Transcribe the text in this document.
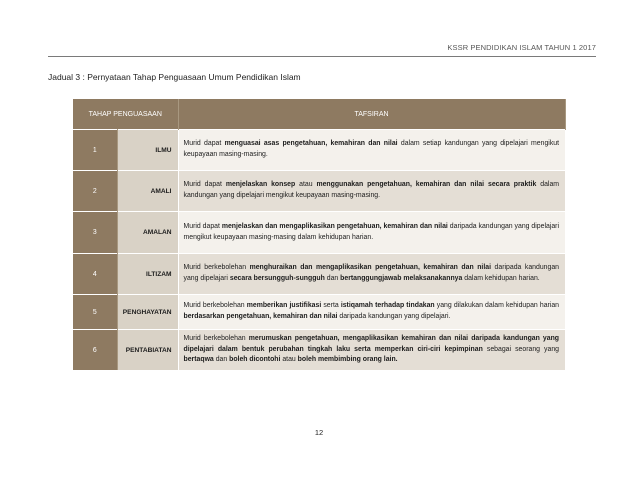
KSSR PENDIDIKAN ISLAM TAHUN 1 2017
Jadual 3 : Pernyataan Tahap Penguasaan Umum Pendidikan Islam
TAHAP PENGUASAAN		TAFSIRAN
1	ILMU	Murid dapat menguasai asas pengetahuan, kemahiran dan nilai dalam setiap kandungan yang dipelajari mengikut keupayaan masing-masing.
2	AMALI	Murid dapat menjelaskan konsep atau menggunakan pengetahuan, kemahiran dan nilai secara praktik dalam kandungan yang dipelajari mengikut keupayaan masing-masing.
3	AMALAN	Murid dapat menjelaskan dan mengaplikasikan pengetahuan, kemahiran dan nilai daripada kandungan yang dipelajari mengikut keupayaan masing-masing dalam kehidupan harian.
4	ILTIZAM	Murid berkebolehan menghuraikan dan mengaplikasikan pengetahuan, kemahiran dan nilai daripada kandungan yang dipelajari secara bersungguh-sungguh dan bertanggungjawab melaksanakannya dalam kehidupan harian.
5	PENGHAYATAN	Murid berkebolehan memberikan justifikasi serta istiqamah terhadap tindakan yang dilakukan dalam kehidupan harian berdasarkan pengetahuan, kemahiran dan nilai daripada kandungan yang dipelajari.
6	PENTABIATAN	Murid berkebolehan merumuskan pengetahuan, mengaplikasikan kemahiran dan nilai daripada kandungan yang dipelajari dalam bentuk perubahan tingkah laku serta memperkan ciri-ciri kepimpinan sebagai seorang yang bertaqwa dan boleh dicontohi atau boleh membimbing orang lain.
12
